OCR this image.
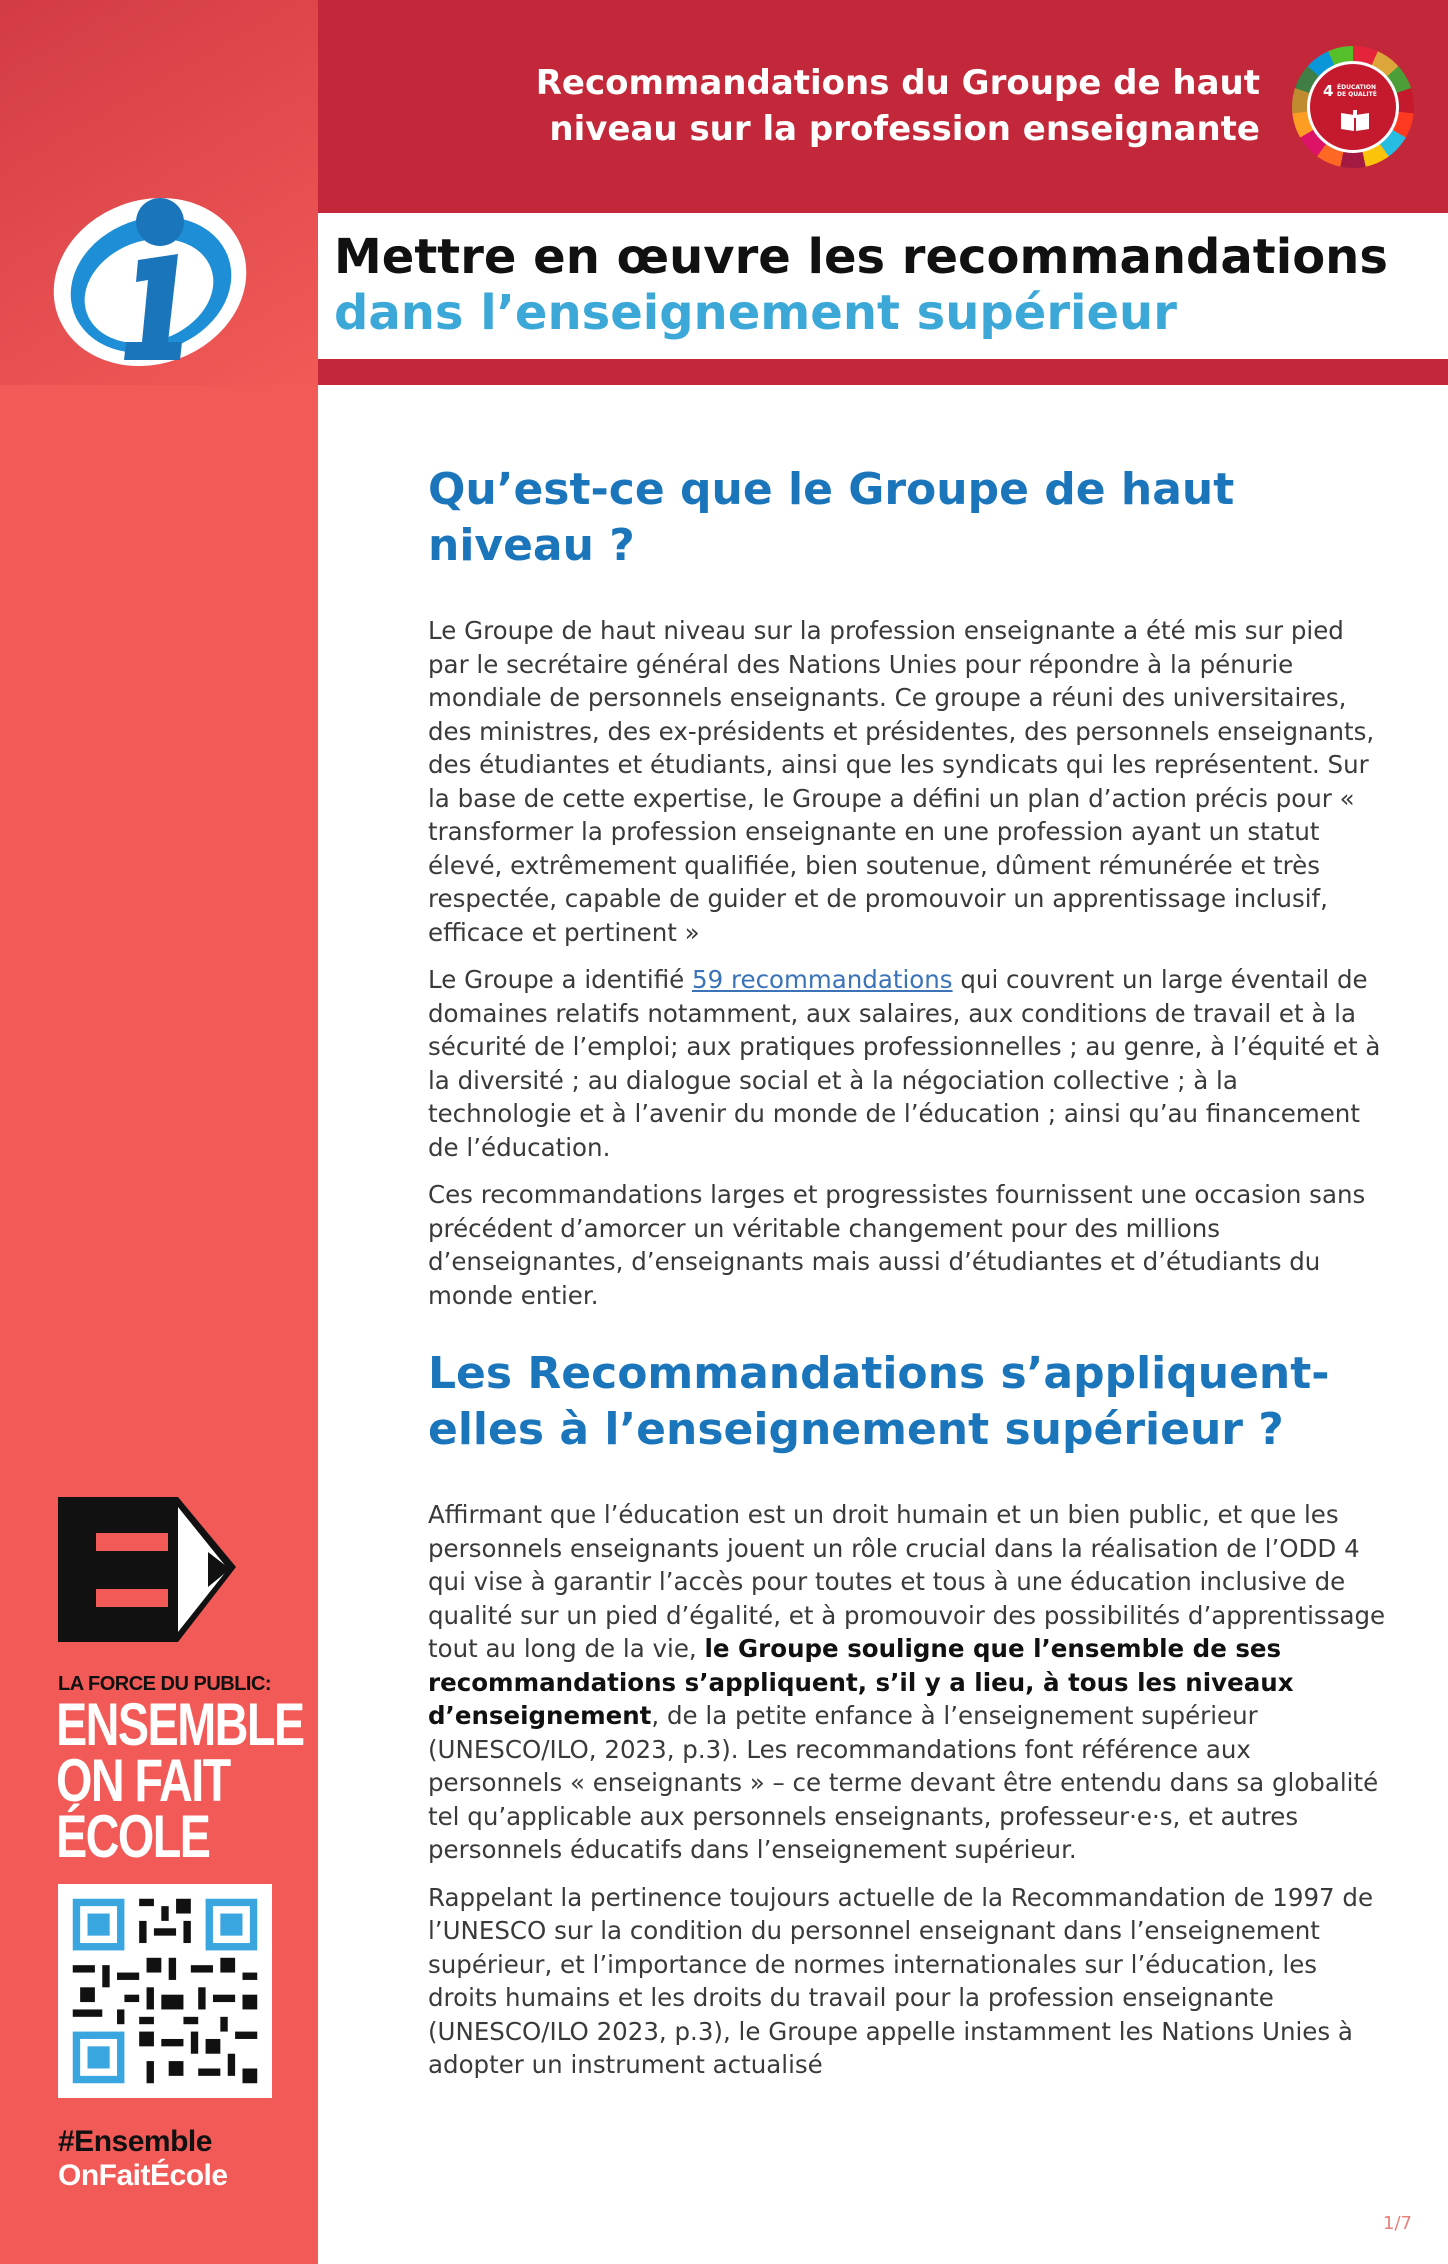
Recommandations du Groupe de haut
niveau sur la profession enseignante
4 ÉDUCATION
DE QUALITÉ
Mettre en œuvre les recommandations
dans l’enseignement supérieur
Qu’est-ce que le Groupe de haut niveau ?

Le Groupe de haut niveau sur la profession enseignante a été mis sur pied par le secrétaire général des Nations Unies pour répondre à la pénurie mondiale de personnels enseignants. Ce groupe a réuni des universitaires, des ministres, des ex-présidents et présidentes, des personnels enseignants, des étudiantes et étudiants, ainsi que les syndicats qui les représentent. Sur la base de cette expertise, le Groupe a défini un plan d’action précis pour « transformer la profession enseignante en une profession ayant un statut élevé, extrêmement qualifiée, bien soutenue, dûment rémunérée et très respectée, capable de guider et de promouvoir un apprentissage inclusif, efficace et pertinent »

Le Groupe a identifié 59 recommandations qui couvrent un large éventail de domaines relatifs notamment, aux salaires, aux conditions de travail et à la sécurité de l’emploi; aux pratiques professionnelles ; au genre, à l’équité et à la diversité ; au dialogue social et à la négociation collective ; à la technologie et à l’avenir du monde de l’éducation ; ainsi qu’au financement de l’éducation.

Ces recommandations larges et progressistes fournissent une occasion sans précédent d’amorcer un véritable changement pour des millions d’enseignantes, d’enseignants mais aussi d’étudiantes et d’étudiants du monde entier.

Les Recommandations s’appliquent-elles à l’enseignement supérieur ?

Affirmant que l’éducation est un droit humain et un bien public, et que les personnels enseignants jouent un rôle crucial dans la réalisation de l’ODD 4 qui vise à garantir l’accès pour toutes et tous à une éducation inclusive de qualité sur un pied d’égalité, et à promouvoir des possibilités d’apprentissage tout au long de la vie, le Groupe souligne que l’ensemble de ses recommandations s’appliquent, s’il y a lieu, à tous les niveaux d’enseignement, de la petite enfance à l’enseignement supérieur (UNESCO/ILO, 2023, p.3). Les recommandations font référence aux personnels « enseignants » – ce terme devant être entendu dans sa globalité tel qu’applicable aux personnels enseignants, professeur·e·s, et autres personnels éducatifs dans l’enseignement supérieur.

Rappelant la pertinence toujours actuelle de la Recommandation de 1997 de l’UNESCO sur la condition du personnel enseignant dans l’enseignement supérieur, et l’importance de normes internationales sur l’éducation, les droits humains et les droits du travail pour la profession enseignante (UNESCO/ILO 2023, p.3), le Groupe appelle instamment les Nations Unies à adopter un instrument actualisé

LA FORCE DU PUBLIC:
ENSEMBLE
ON FAIT
ÉCOLE
#Ensemble
OnFaitÉcole
1/7
